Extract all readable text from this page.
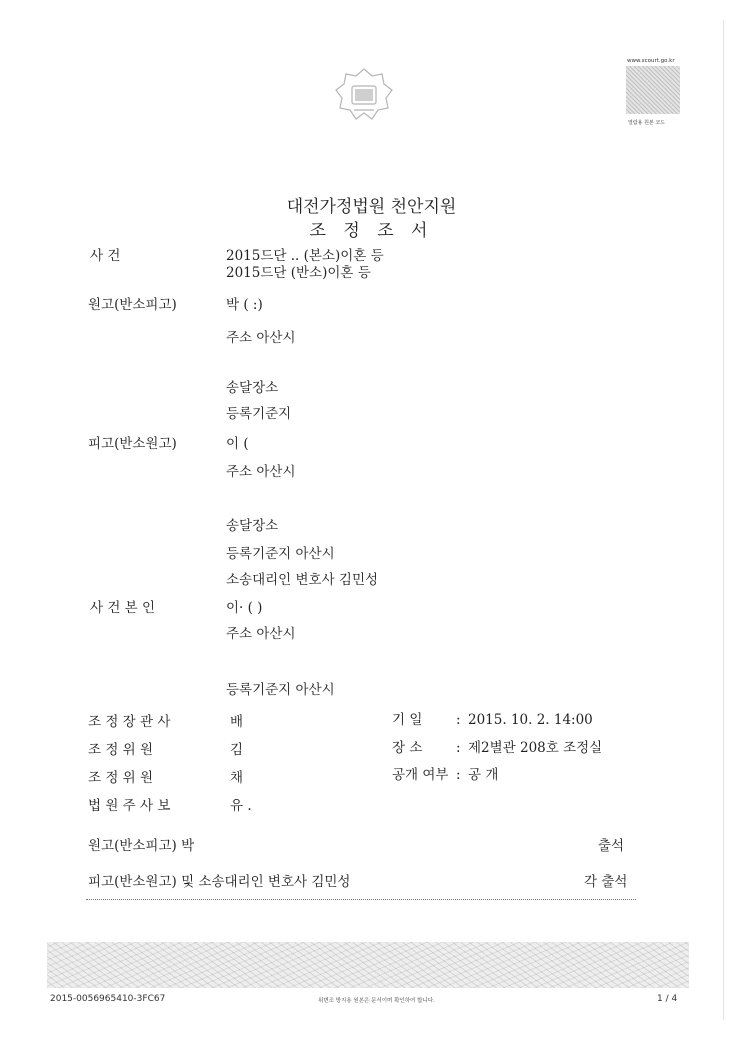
www.scourt.go.kr
열람용 원본 코드
대전가정법원 천안지원
조 정 조 서
사 건	2015드단 .. (본소)이혼 등
2015드단 (반소)이혼 등
원고(반소피고)	박 ( :)
주소 아산시
송달장소
등록기준지
피고(반소원고)	이 (
주소 아산시
송달장소
등록기준지 아산시
소송대리인 변호사 김민성
사 건 본 인	이· ( )
주소 아산시
등록기준지 아산시
조 정 장 관 사	배
조 정 위 원	김
조 정 위 원	채
법 원 주 사 보	유 .
기 일 : 2015. 10. 2. 14:00
장 소 : 제2별관 208호 조정실
공개 여부 : 공 개
원고(반소피고) 박	출석
피고(반소원고) 및 소송대리인 변호사 김민성	각 출석
2015-0056965410-3FC67	위변조 방지용 원본은 문서이며 확인하여 합니다.	1 / 4
